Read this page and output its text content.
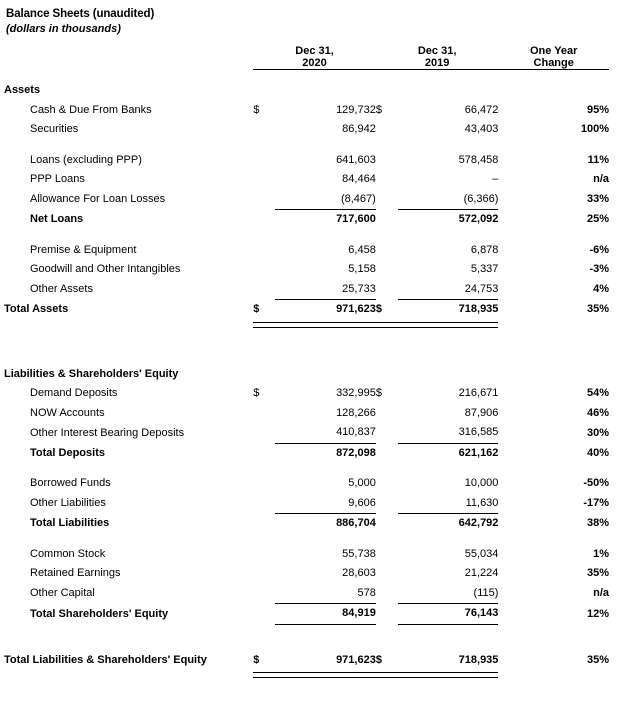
Balance Sheets (unaudited)
(dollars in thousands)
	Dec 31,		Dec 31,		One Year
	2020		2019		Change

Assets					
Cash & Due From Banks	$	129,732	$	66,472	95%
Securities		86,942		43,403	100%

Loans (excluding PPP)		641,603		578,458	11%
PPP Loans		84,464		–	n/a
Allowance For Loan Losses		(8,467)		(6,366)	33%
Net Loans		717,600		572,092	25%

Premise & Equipment		6,458		6,878	-6%
Goodwill and Other Intangibles		5,158		5,337	-3%
Other Assets		25,733		24,753	4%
Total Assets	$	971,623	$	718,935	35%

Liabilities & Shareholders' Equity					
Demand Deposits	$	332,995	$	216,671	54%
NOW Accounts		128,266		87,906	46%
Other Interest Bearing Deposits		410,837		316,585	30%
Total Deposits		872,098		621,162	40%

Borrowed Funds		5,000		10,000	-50%
Other Liabilities		9,606		11,630	-17%
Total Liabilities		886,704		642,792	38%

Common Stock		55,738		55,034	1%
Retained Earnings		28,603		21,224	35%
Other Capital		578		(115)	n/a
Total Shareholders' Equity		84,919		76,143	12%

Total Liabilities & Shareholders' Equity	$	971,623	$	718,935	35%
